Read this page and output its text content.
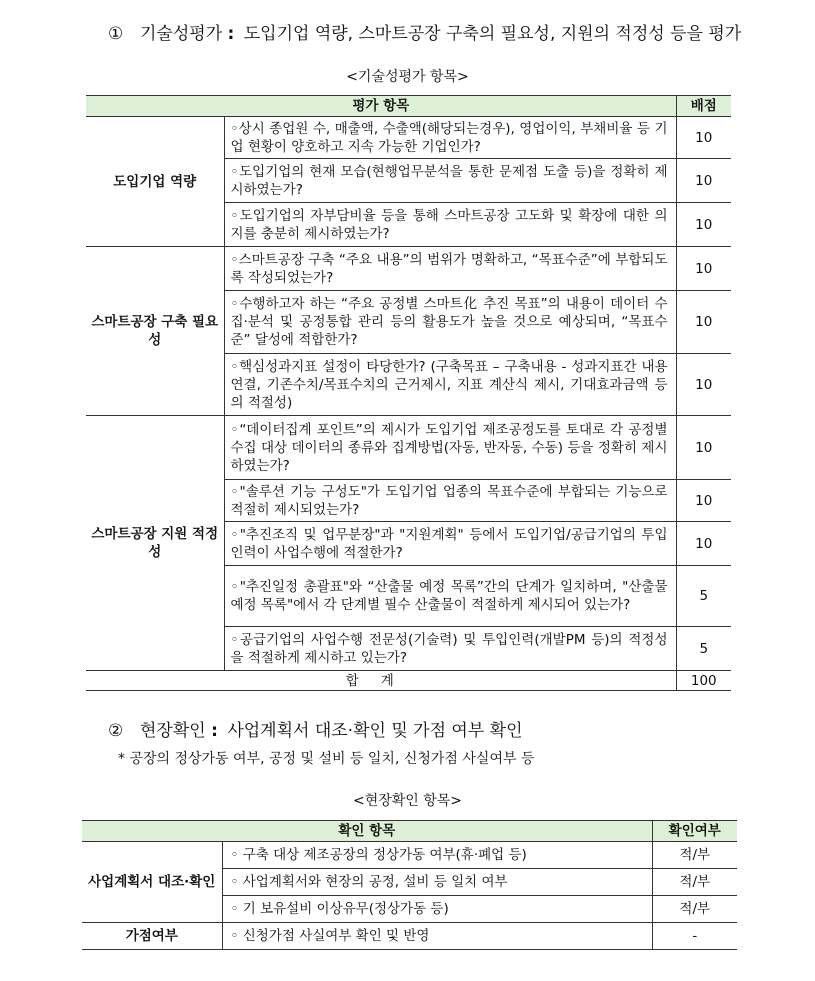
① 기술성평가 : 도입기업 역량, 스마트공장 구축의 필요성, 지원의 적정성 등을 평가
<기술성평가 항목>
평가 항목		배점
도입기업 역량	◦상시 종업원 수, 매출액, 수출액(해당되는경우), 영업이익, 부채비율 등 기업 현황이 양호하고 지속 가능한 기업인가?	10
	◦도입기업의 현재 모습(현행업무분석을 통한 문제점 도출 등)을 정확히 제시하였는가?	10
	◦도입기업의 자부담비율 등을 통해 스마트공장 고도화 및 확장에 대한 의지를 충분히 제시하였는가?	10
스마트공장 구축 필요성	◦스마트공장 구축 “주요 내용”의 범위가 명확하고, “목표수준”에 부합되도록 작성되었는가?	10
	◦수행하고자 하는 “주요 공정별 스마트化 추진 목표”의 내용이 데이터 수집·분석 및 공정통합 관리 등의 활용도가 높을 것으로 예상되며, “목표수준” 달성에 적합한가?	10
	◦핵심성과지표 설정이 타당한가? (구축목표 – 구축내용 - 성과지표간 내용 연결, 기존수치/목표수치의 근거제시, 지표 계산식 제시, 기대효과금액 등의 적절성)	10
스마트공장 지원 적정성	◦“데이터집계 포인트”의 제시가 도입기업 제조공정도를 토대로 각 공정별 수집 대상 데이터의 종류와 집계방법(자동, 반자동, 수동) 등을 정확히 제시하였는가?	10
	◦"솔루션 기능 구성도"가 도입기업 업종의 목표수준에 부합되는 기능으로 적절히 제시되었는가?	10
	◦"추진조직 및 업무분장"과 "지원계획" 등에서 도입기업/공급기업의 투입인력이 사업수행에 적절한가?	10
	◦"추진일정 총괄표"와 “산출물 예정 목록”간의 단계가 일치하며, "산출물 예정 목록"에서 각 단계별 필수 산출물이 적절하게 제시되어 있는가?	5
	◦공급기업의 사업수행 전문성(기술력) 및 투입인력(개발PM 등)의 적정성을 적절하게 제시하고 있는가?	5
합계		100
② 현장확인 : 사업계획서 대조·확인 및 가점 여부 확인
* 공장의 정상가동 여부, 공정 및 설비 등 일치, 신청가점 사실여부 등
<현장확인 항목>
확인 항목		확인여부
사업계획서 대조·확인	◦ 구축 대상 제조공장의 정상가동 여부(휴·폐업 등)	적/부
	◦ 사업계획서와 현장의 공정, 설비 등 일치 여부	적/부
	◦ 기 보유설비 이상유무(정상가동 등)	적/부
가점여부	◦ 신청가점 사실여부 확인 및 반영	-
